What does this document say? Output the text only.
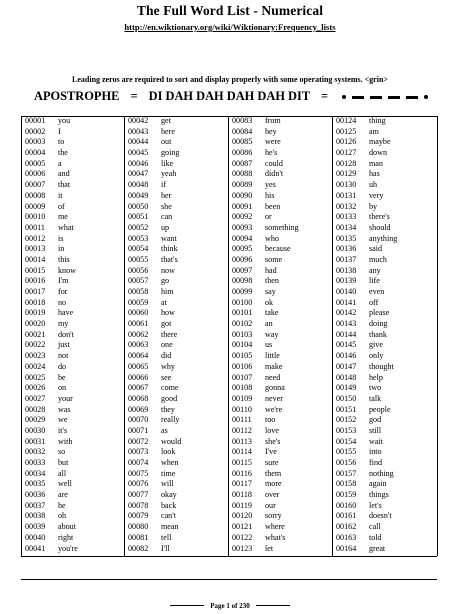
The Full Word List - Numerical
http://en.wiktionary.org/wiki/Wiktionary:Frequency_lists
Leading zeros are required to sort and display properly with some operating systems. <grin>
APOSTROPHE = DI DAH DAH DAH DAH DIT =
00001 you
00002 I
00003 to
00004 the
00005 a
00006 and
00007 that
00008 it
00009 of
00010 me
00011 what
00012 is
00013 in
00014 this
00015 know
00016 I'm
00017 for
00018 no
00019 have
00020 my
00021 don't
00022 just
00023 not
00024 do
00025 be
00026 on
00027 your
00028 was
00029 we
00030 it's
00031 with
00032 so
00033 but
00034 all
00035 well
00036 are
00037 he
00038 oh
00039 about
00040 right
00041 you're
00042 get
00043 here
00044 out
00045 going
00046 like
00047 yeah
00048 if
00049 her
00050 she
00051 can
00052 up
00053 want
00054 think
00055 that's
00056 now
00057 go
00058 him
00059 at
00060 how
00061 got
00062 there
00063 one
00064 did
00065 why
00066 see
00067 come
00068 good
00069 they
00070 really
00071 as
00072 would
00073 look
00074 when
00075 time
00076 will
00077 okay
00078 back
00079 can't
00080 mean
00081 tell
00082 I'll
00083 from
00084 hey
00085 were
00086 he's
00087 could
00088 didn't
00089 yes
00090 his
00091 been
00092 or
00093 something
00094 who
00095 because
00096 some
00097 had
00098 then
00099 say
00100 ok
00101 take
00102 an
00103 way
00104 us
00105 little
00106 make
00107 need
00108 gonna
00109 never
00110 we're
00111 too
00112 love
00113 she's
00114 I've
00115 sure
00116 them
00117 more
00118 over
00119 our
00120 sorry
00121 where
00122 what's
00123 let
00124 thing
00125 am
00126 maybe
00127 down
00128 man
00129 has
00130 uh
00131 very
00132 by
00133 there's
00134 should
00135 anything
00136 said
00137 much
00138 any
00139 life
00140 even
00141 off
00142 please
00143 doing
00144 thank
00145 give
00146 only
00147 thought
00148 help
00149 two
00150 talk
00151 people
00152 god
00153 still
00154 wait
00155 into
00156 find
00157 nothing
00158 again
00159 things
00160 let's
00161 doesn't
00162 call
00163 told
00164 great
Page 1 of 230
